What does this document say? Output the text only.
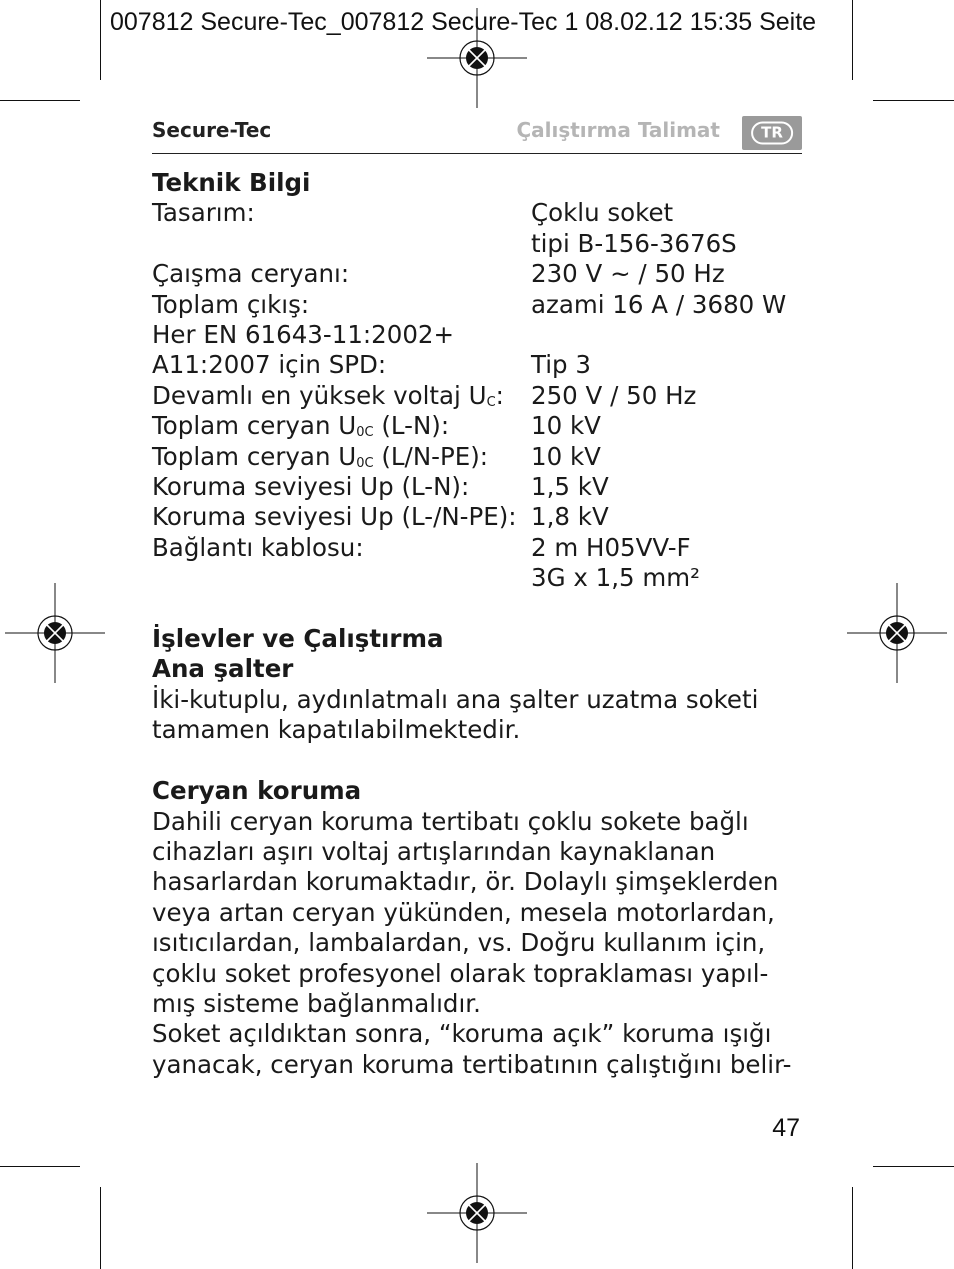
007812 Secure-Tec_007812 Secure-Tec 1 08.02.12 15:35 Seite
Secure-Tec	Çalıştırma Talimat	TR

Teknik Bilgi

Tasarım:	Çoklu soket

tipi B-156-3676S
Çaışma ceryanı:	230 V ~ / 50 Hz
Toplam çıkış:	azami 16 A / 3680 W
Her EN 61643-11:2002+

A11:2007 için SPD:	Tip 3
Devamlı en yüksek voltaj $U_C$:	250 V / 50 Hz
Toplam ceryan $U_{0C}$ (L-N):	10 kV
Toplam ceryan $U_{0C}$ (L/N-PE):	10 kV
Koruma seviyesi Up (L-N):	1,5 kV
Koruma seviyesi Up (L-/N-PE): 1,8 kV
Bağlantı kablosu:	2 m H05VV-F

3G x 1,5 mm²

İşlevler ve Çalıştırma

Ana şalter

İki-kutuplu, aydınlatmalı ana şalter uzatma soketi

tamamen kapatılabilmektedir.

Ceryan koruma

Dahili ceryan koruma tertibatı çoklu sokete bağlı

cihazları aşırı voltaj artışlarından kaynaklanan

hasarlardan korumaktadır, ör. Dolaylı şimşeklerden

veya artan ceryan yükünden, mesela motorlardan,

ısıtıcılardan, lambalardan, vs. Doğru kullanım için,

çoklu soket profesyonel olarak topraklaması yapıl-

mış sisteme bağlanmalıdır.

Soket açıldıktan sonra, “koruma açık” koruma ışığı

yanacak, ceryan koruma tertibatının çalıştığını belir-

47
